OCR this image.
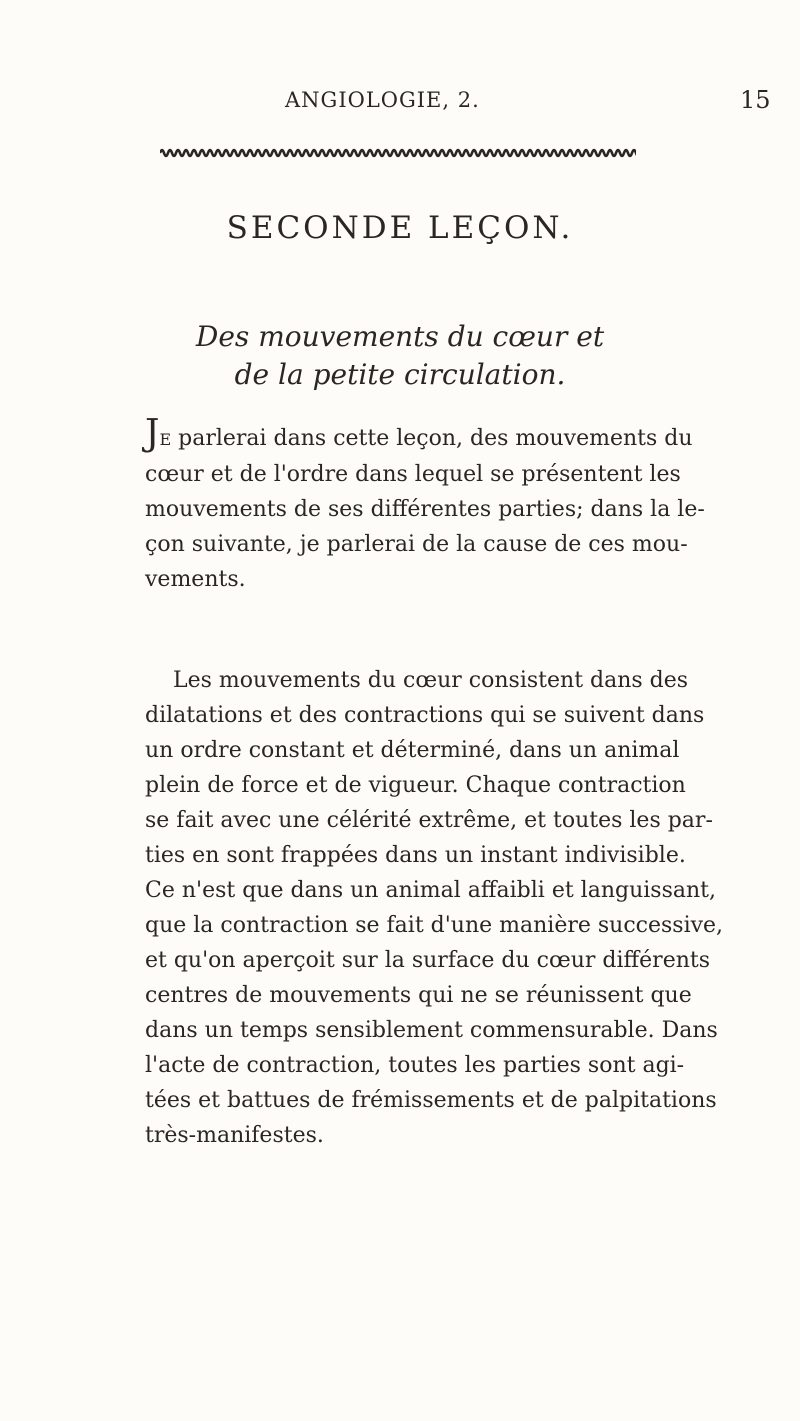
ANGIOLOGIE, 2.	15
SECONDE LEÇON.
Des mouvements du cœur et de la petite circulation.

JE parlerai dans cette leçon, des mouvements du
cœur et de l'ordre dans lequel se présentent les
mouvements de ses différentes parties; dans la le-
çon suivante, je parlerai de la cause de ces mou-
vements.

Les mouvements du cœur consistent dans des
dilatations et des contractions qui se suivent dans
un ordre constant et déterminé, dans un animal
plein de force et de vigueur. Chaque contraction
se fait avec une célérité extrême, et toutes les par-
ties en sont frappées dans un instant indivisible.
Ce n'est que dans un animal affaibli et languissant,
que la contraction se fait d'une manière successive,
et qu'on aperçoit sur la surface du cœur différents
centres de mouvements qui ne se réunissent que
dans un temps sensiblement commensurable. Dans
l'acte de contraction, toutes les parties sont agi-
tées et battues de frémissements et de palpitations
très-manifestes.
